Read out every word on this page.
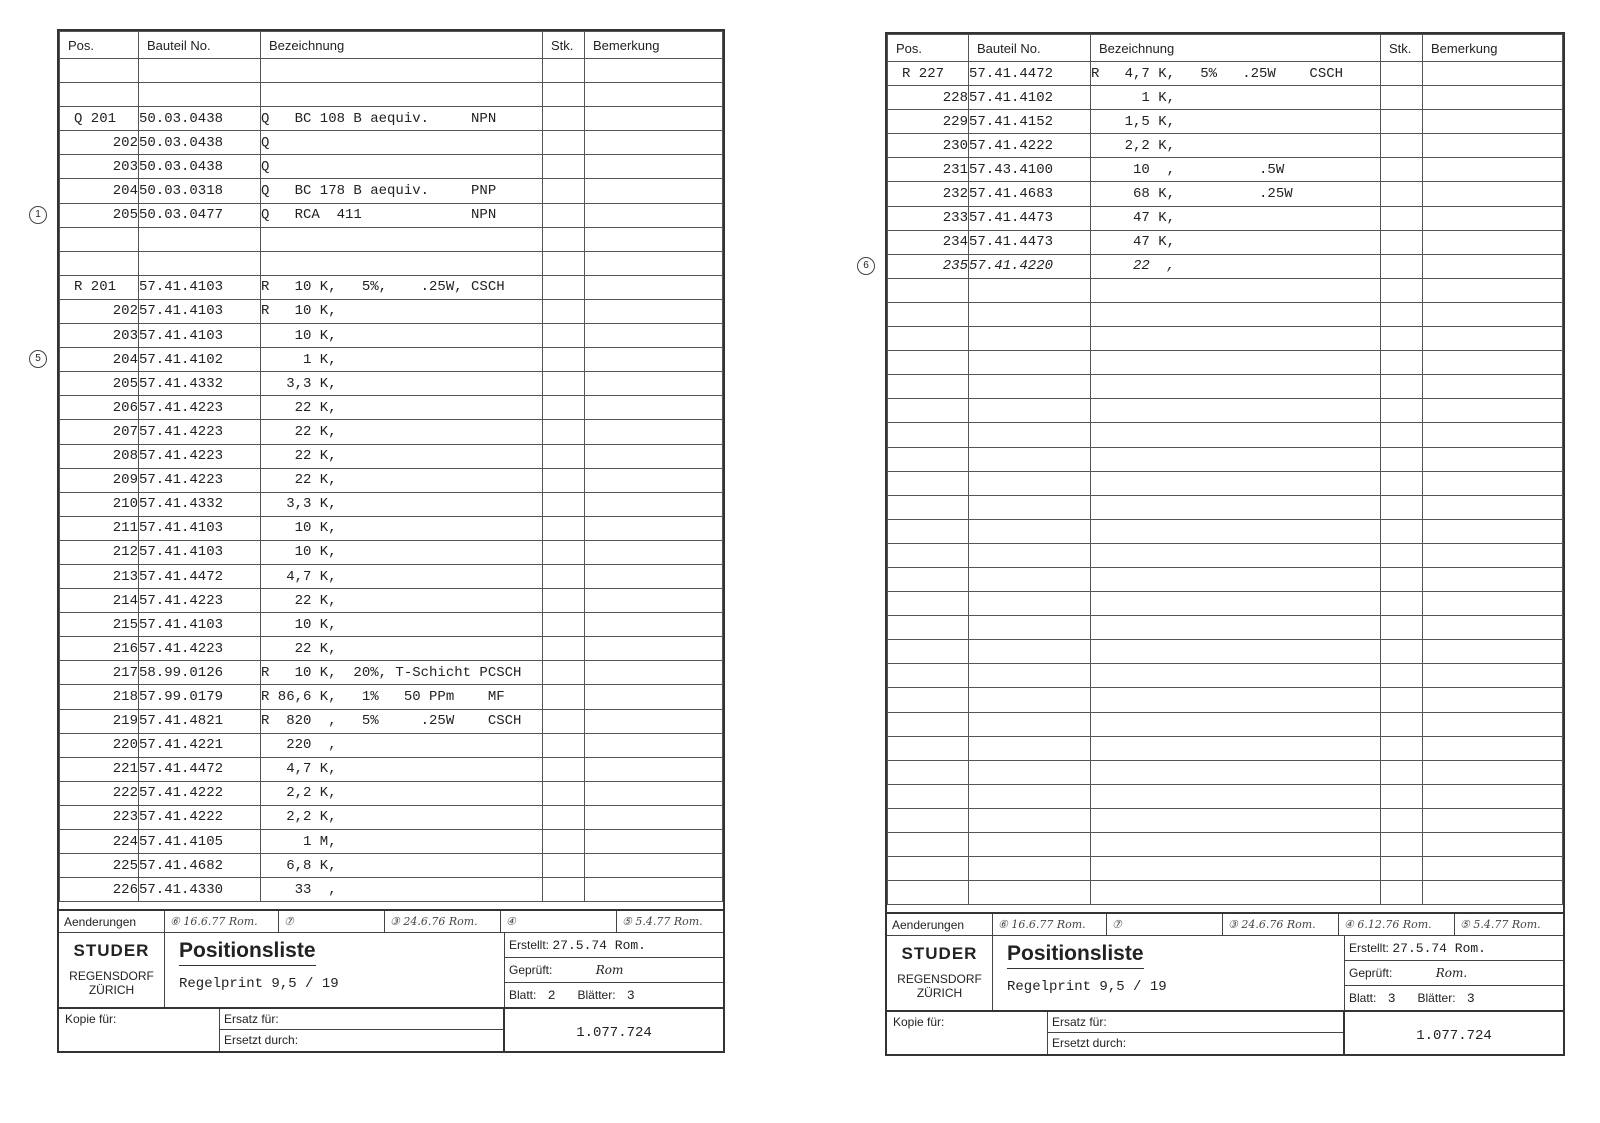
Pos.	Bauteil No.	Bezeichnung	Stk.	Bemerkung

Q 201	50.03.0438	Q   BC 108 B aequiv.     NPN		
202	50.03.0438	Q		
203	50.03.0438	Q		
204	50.03.0318	Q   BC 178 B aequiv.     PNP		
205	50.03.0477	Q   RCA  411             NPN		

R 201	57.41.4103	R   10 K,   5%,    .25W, CSCH		
202	57.41.4103	R   10 K,		
203	57.41.4103	10 K,		
204	57.41.4102	1 K,		
205	57.41.4332	3,3 K,		
206	57.41.4223	22 K,		
207	57.41.4223	22 K,		
208	57.41.4223	22 K,		
209	57.41.4223	22 K,		
210	57.41.4332	3,3 K,		
211	57.41.4103	10 K,		
212	57.41.4103	10 K,		
213	57.41.4472	4,7 K,		
214	57.41.4223	22 K,		
215	57.41.4103	10 K,		
216	57.41.4223	22 K,		
217	58.99.0126	R   10 K,  20%, T-Schicht PCSCH		
218	57.99.0179	R 86,6 K,   1%   50 PPm    MF		
219	57.41.4821	R  820  ,   5%     .25W    CSCH		
220	57.41.4221	220  ,		
221	57.41.4472	4,7 K,		
222	57.41.4222	2,2 K,		
223	57.41.4222	2,2 K,		
224	57.41.4105	1 M,		
225	57.41.4682	6,8 K,		
226	57.41.4330	33  ,		
Aenderungen	⑥ 16.6.77 Rom.	⑦	③ 24.6.76 Rom.	④	⑤ 5.4.77 Rom.
STUDER
REGENSDORF
ZÜRICH
Positionsliste
Regelprint 9,5 / 19
Erstellt: 27.5.74 Rom.
Geprüft:	Rom
Blatt: 2 Blätter: 3
Kopie für:	Ersatz für:
Ersetzt durch:	1.077.724
1
5
Pos.	Bauteil No.	Bezeichnung	Stk.	Bemerkung
R 227	57.41.4472	R   4,7 K,   5%   .25W    CSCH		
228	57.41.4102	1 K,		
229	57.41.4152	1,5 K,		
230	57.41.4222	2,2 K,		
231	57.43.4100	10  ,          .5W		
232	57.41.4683	68 K,          .25W		
233	57.41.4473	47 K,		
234	57.41.4473	47 K,		
235	57.41.4220	22  ,		

Aenderungen	⑥ 16.6.77 Rom.	⑦	③ 24.6.76 Rom.	④ 6.12.76 Rom.	⑤ 5.4.77 Rom.
STUDER
REGENSDORF
ZÜRICH
Positionsliste
Regelprint 9,5 / 19
Erstellt: 27.5.74 Rom.
Geprüft:	Rom.
Blatt: 3 Blätter: 3
Kopie für:	Ersatz für:
Ersetzt durch:	1.077.724
6
